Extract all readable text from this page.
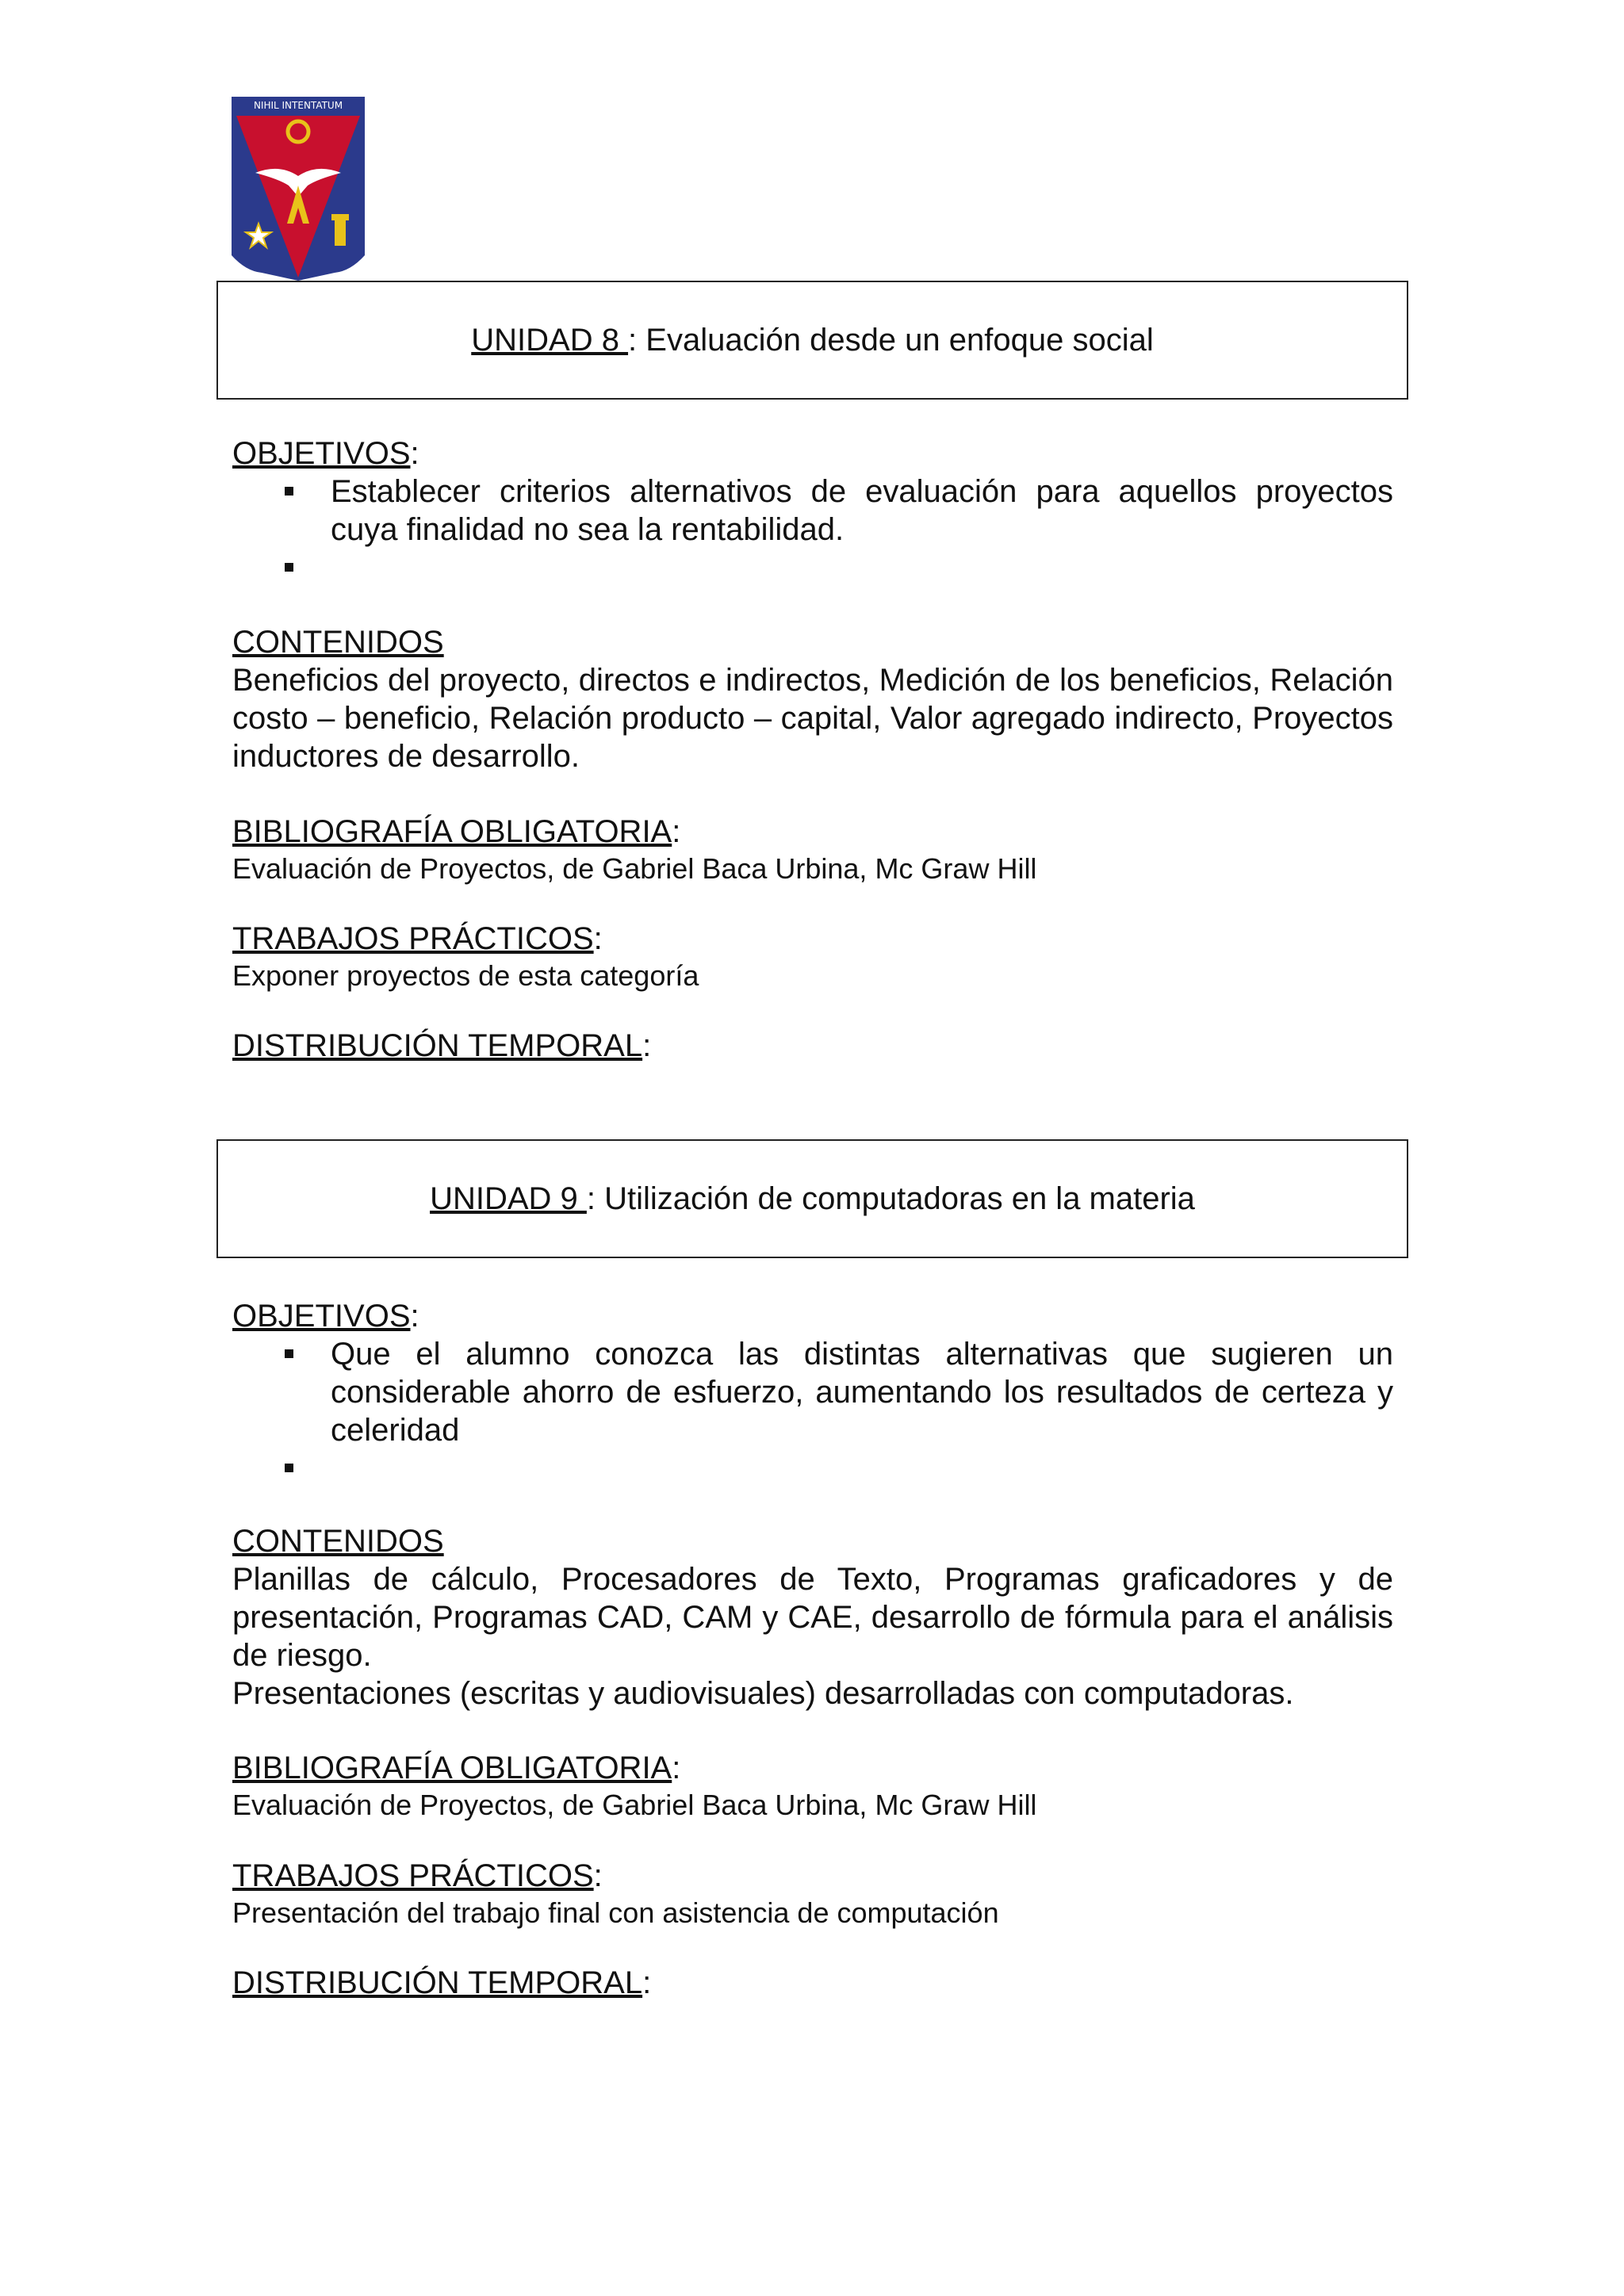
NIHIL INTENTATUM
UNIDAD 8 : Evaluación desde un enfoque social
OBJETIVOS:
Establecer criterios alternativos de evaluación para aquellos proyectos cuya finalidad no sea la rentabilidad.
CONTENIDOS
Beneficios del proyecto, directos e indirectos, Medición de los beneficios, Relación costo – beneficio, Relación producto – capital, Valor agregado indirecto, Proyectos inductores de desarrollo.
BIBLIOGRAFÍA OBLIGATORIA:
Evaluación de Proyectos, de Gabriel Baca Urbina, Mc Graw Hill
TRABAJOS PRÁCTICOS:
Exponer proyectos de esta categoría
DISTRIBUCIÓN TEMPORAL:
UNIDAD 9 : Utilización de computadoras en la materia
OBJETIVOS:
Que el alumno conozca las distintas alternativas que sugieren un considerable ahorro de esfuerzo, aumentando los resultados de certeza y celeridad
CONTENIDOS
Planillas de cálculo, Procesadores de Texto, Programas graficadores y de presentación, Programas CAD, CAM y CAE, desarrollo de fórmula para el análisis de riesgo.
Presentaciones (escritas y audiovisuales) desarrolladas con computadoras.
BIBLIOGRAFÍA OBLIGATORIA:
Evaluación de Proyectos, de Gabriel Baca Urbina, Mc Graw Hill
TRABAJOS PRÁCTICOS:
Presentación del trabajo final con asistencia de computación
DISTRIBUCIÓN TEMPORAL:
